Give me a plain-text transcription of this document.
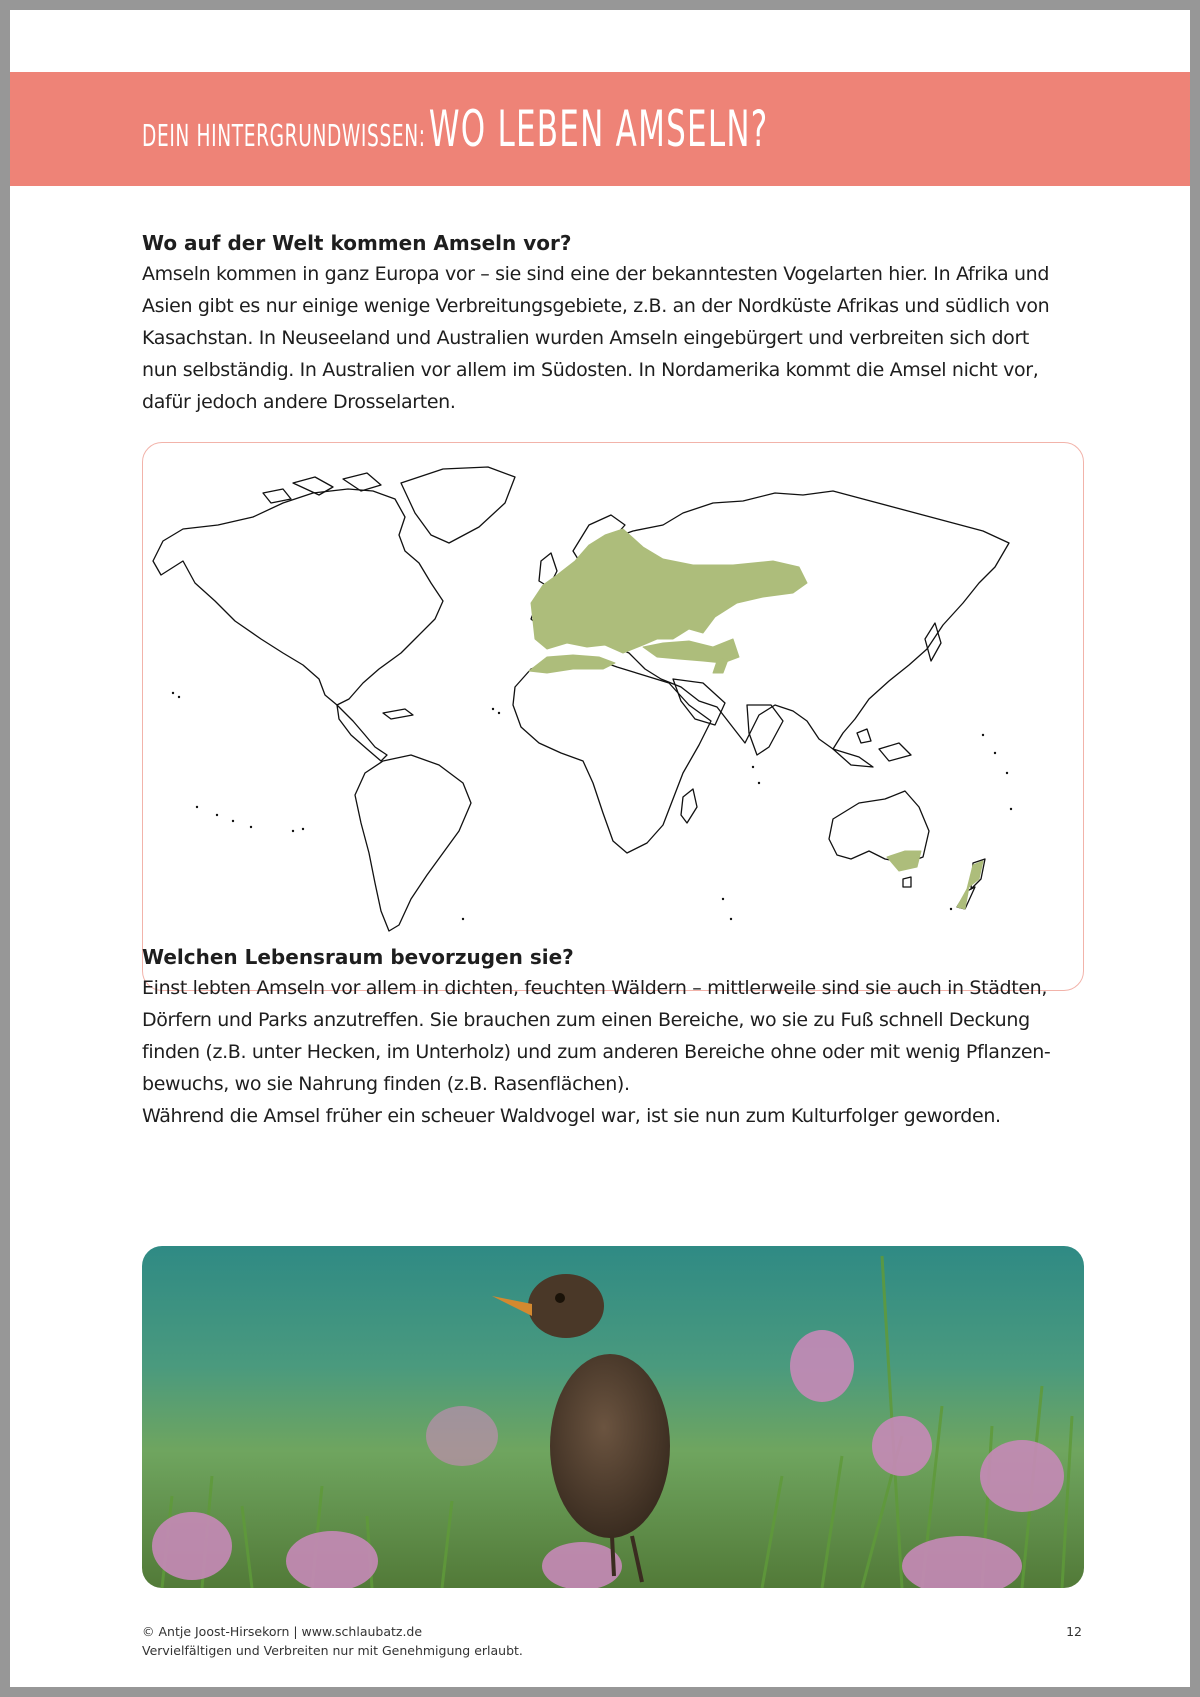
DEIN HINTERGRUNDWISSEN: WO LEBEN AMSELN?
Wo auf der Welt kommen Amseln vor?

Amseln kommen in ganz Europa vor – sie sind eine der bekanntesten Vogelarten hier. In Afrika und
Asien gibt es nur einige wenige Verbreitungsgebiete, z.B. an der Nordküste Afrikas und südlich von
Kasachstan. In Neuseeland und Australien wurden Amseln eingebürgert und verbreiten sich dort
nun selbständig. In Australien vor allem im Südosten. In Nordamerika kommt die Amsel nicht vor,
dafür jedoch andere Drosselarten.

Welchen Lebensraum bevorzugen sie?

Einst lebten Amseln vor allem in dichten, feuchten Wäldern – mittlerweile sind sie auch in Städten,
Dörfern und Parks anzutreffen. Sie brauchen zum einen Bereiche, wo sie zu Fuß schnell Deckung
finden (z.B. unter Hecken, im Unterholz) und zum anderen Bereiche ohne oder mit wenig Pflanzen-
bewuchs, wo sie Nahrung finden (z.B. Rasenflächen).
Während die Amsel früher ein scheuer Waldvogel war, ist sie nun zum Kulturfolger geworden.

© Antje Joost-Hirsekorn | www.schlaubatz.de
Vervielfältigen und Verbreiten nur mit Genehmigung erlaubt.
12
